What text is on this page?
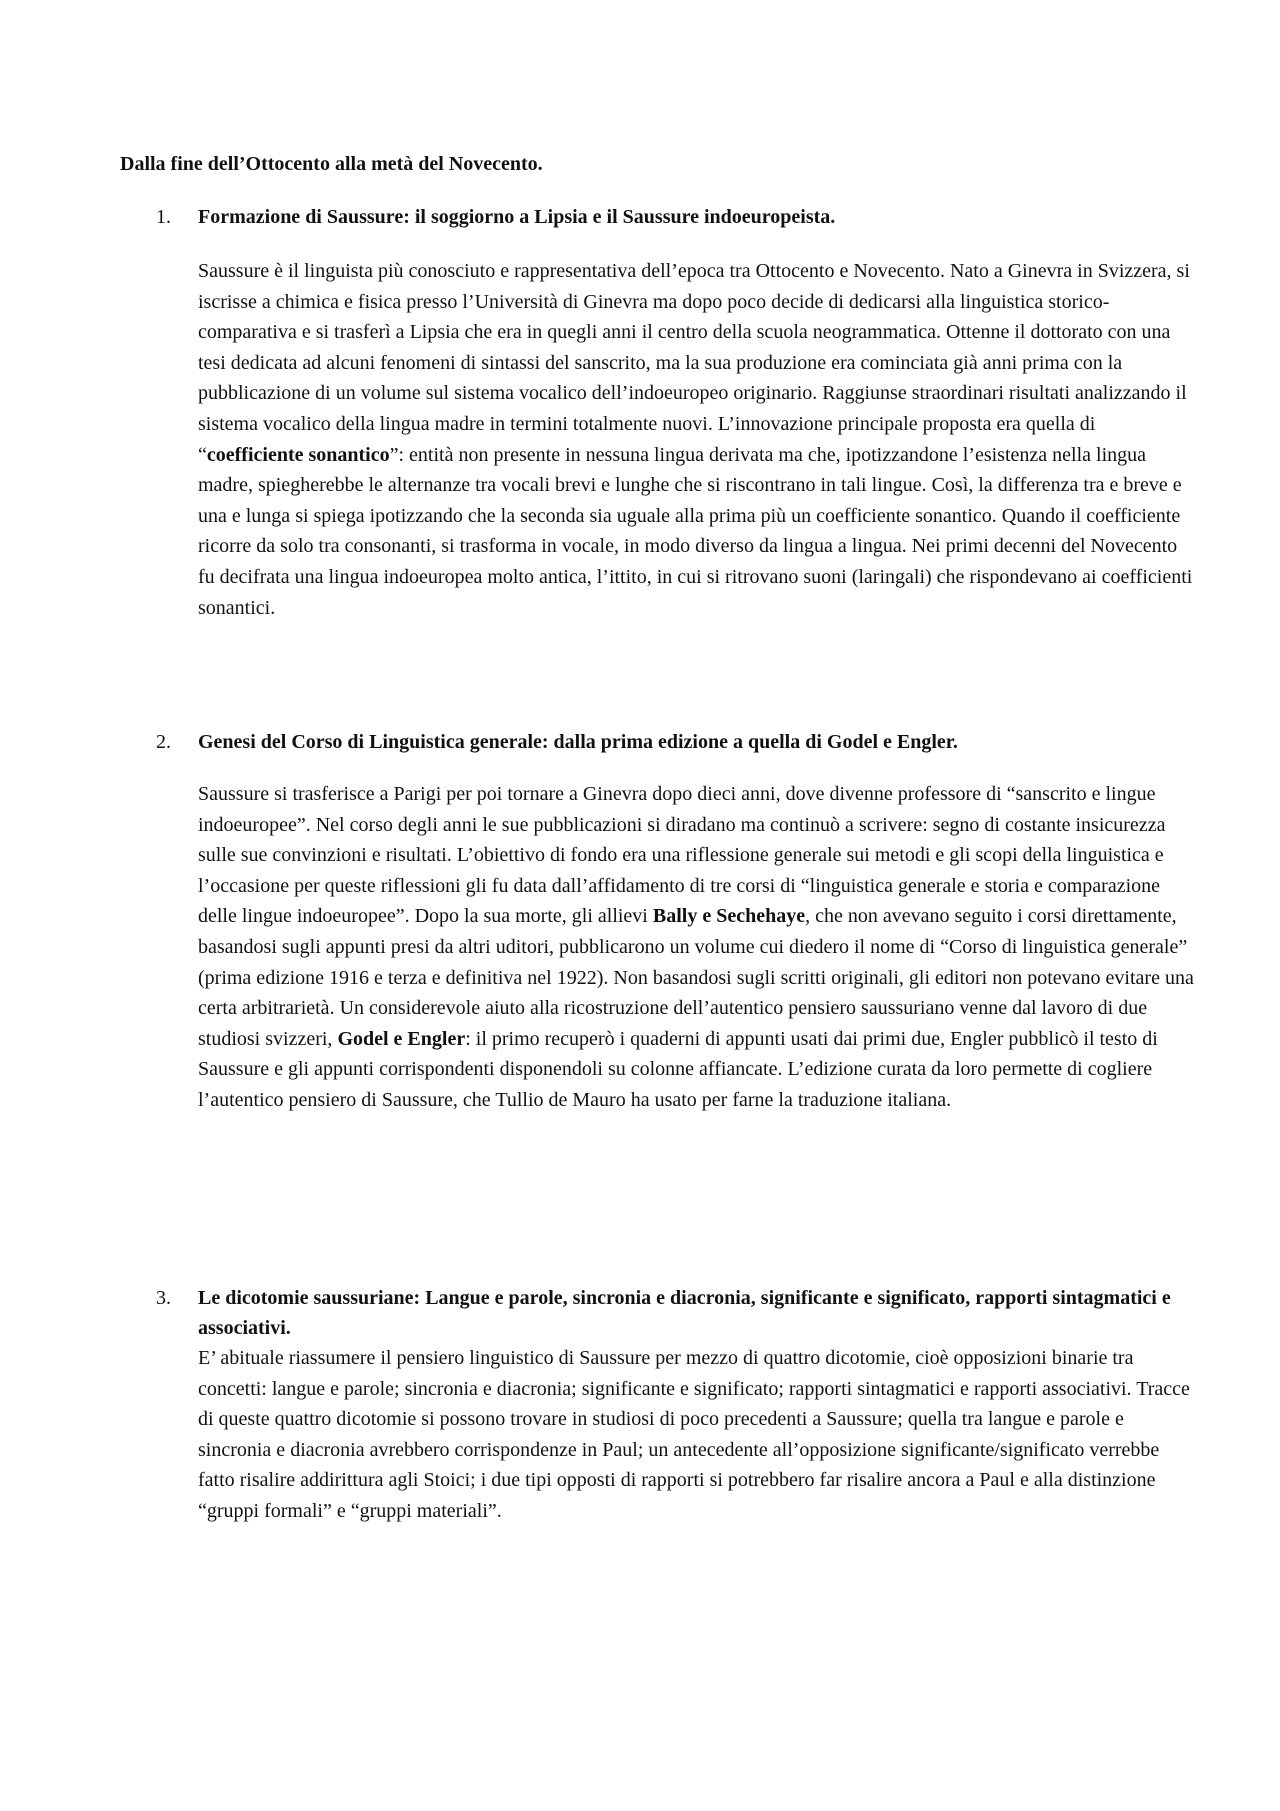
Dalla fine dell’Ottocento alla metà del Novecento.
1.	Formazione di Saussure: il soggiorno a Lipsia e il Saussure indoeuropeista.

Saussure è il linguista più conosciuto e rappresentativa dell’epoca tra Ottocento e Novecento. Nato a Ginevra in Svizzera, si iscrisse a chimica e fisica presso l’Università di Ginevra ma dopo poco decide di dedicarsi alla linguistica storico-comparativa e si trasferì a Lipsia che era in quegli anni il centro della scuola neogrammatica. Ottenne il dottorato con una tesi dedicata ad alcuni fenomeni di sintassi del sanscrito, ma la sua produzione era cominciata già anni prima con la pubblicazione di un volume sul sistema vocalico dell’indoeuropeo originario. Raggiunse straordinari risultati analizzando il sistema vocalico della lingua madre in termini totalmente nuovi. L’innovazione principale proposta era quella di “coefficiente sonantico”: entità non presente in nessuna lingua derivata ma che, ipotizzandone l’esistenza nella lingua madre, spiegherebbe le alternanze tra vocali brevi e lunghe che si riscontrano in tali lingue. Così, la differenza tra e breve e una e lunga si spiega ipotizzando che la seconda sia uguale alla prima più un coefficiente sonantico. Quando il coefficiente ricorre da solo tra consonanti, si trasforma in vocale, in modo diverso da lingua a lingua. Nei primi decenni del Novecento fu decifrata una lingua indoeuropea molto antica, l’ittito, in cui si ritrovano suoni (laringali) che rispondevano ai coefficienti sonantici.

2.	Genesi del Corso di Linguistica generale: dalla prima edizione a quella di Godel e Engler.

Saussure si trasferisce a Parigi per poi tornare a Ginevra dopo dieci anni, dove divenne professore di “sanscrito e lingue indoeuropee”. Nel corso degli anni le sue pubblicazioni si diradano ma continuò a scrivere: segno di costante insicurezza sulle sue convinzioni e risultati. L’obiettivo di fondo era una riflessione generale sui metodi e gli scopi della linguistica e l’occasione per queste riflessioni gli fu data dall’affidamento di tre corsi di “linguistica generale e storia e comparazione delle lingue indoeuropee”. Dopo la sua morte, gli allievi Bally e Sechehaye, che non avevano seguito i corsi direttamente, basandosi sugli appunti presi da altri uditori, pubblicarono un volume cui diedero il nome di “Corso di linguistica generale” (prima edizione 1916 e terza e definitiva nel 1922). Non basandosi sugli scritti originali, gli editori non potevano evitare una certa arbitrarietà. Un considerevole aiuto alla ricostruzione dell’autentico pensiero saussuriano venne dal lavoro di due studiosi svizzeri, Godel e Engler: il primo recuperò i quaderni di appunti usati dai primi due, Engler pubblicò il testo di Saussure e gli appunti corrispondenti disponendoli su colonne affiancate. L’edizione curata da loro permette di cogliere l’autentico pensiero di Saussure, che Tullio de Mauro ha usato per farne la traduzione italiana.

3.	Le dicotomie saussuriane: Langue e parole, sincronia e diacronia, significante e significato, rapporti sintagmatici e associativi.

E’ abituale riassumere il pensiero linguistico di Saussure per mezzo di quattro dicotomie, cioè opposizioni binarie tra concetti: langue e parole; sincronia e diacronia; significante e significato; rapporti sintagmatici e rapporti associativi. Tracce di queste quattro dicotomie si possono trovare in studiosi di poco precedenti a Saussure; quella tra langue e parole e sincronia e diacronia avrebbero corrispondenze in Paul; un antecedente all’opposizione significante/significato verrebbe fatto risalire addirittura agli Stoici; i due tipi opposti di rapporti si potrebbero far risalire ancora a Paul e alla distinzione “gruppi formali” e “gruppi materiali”.
